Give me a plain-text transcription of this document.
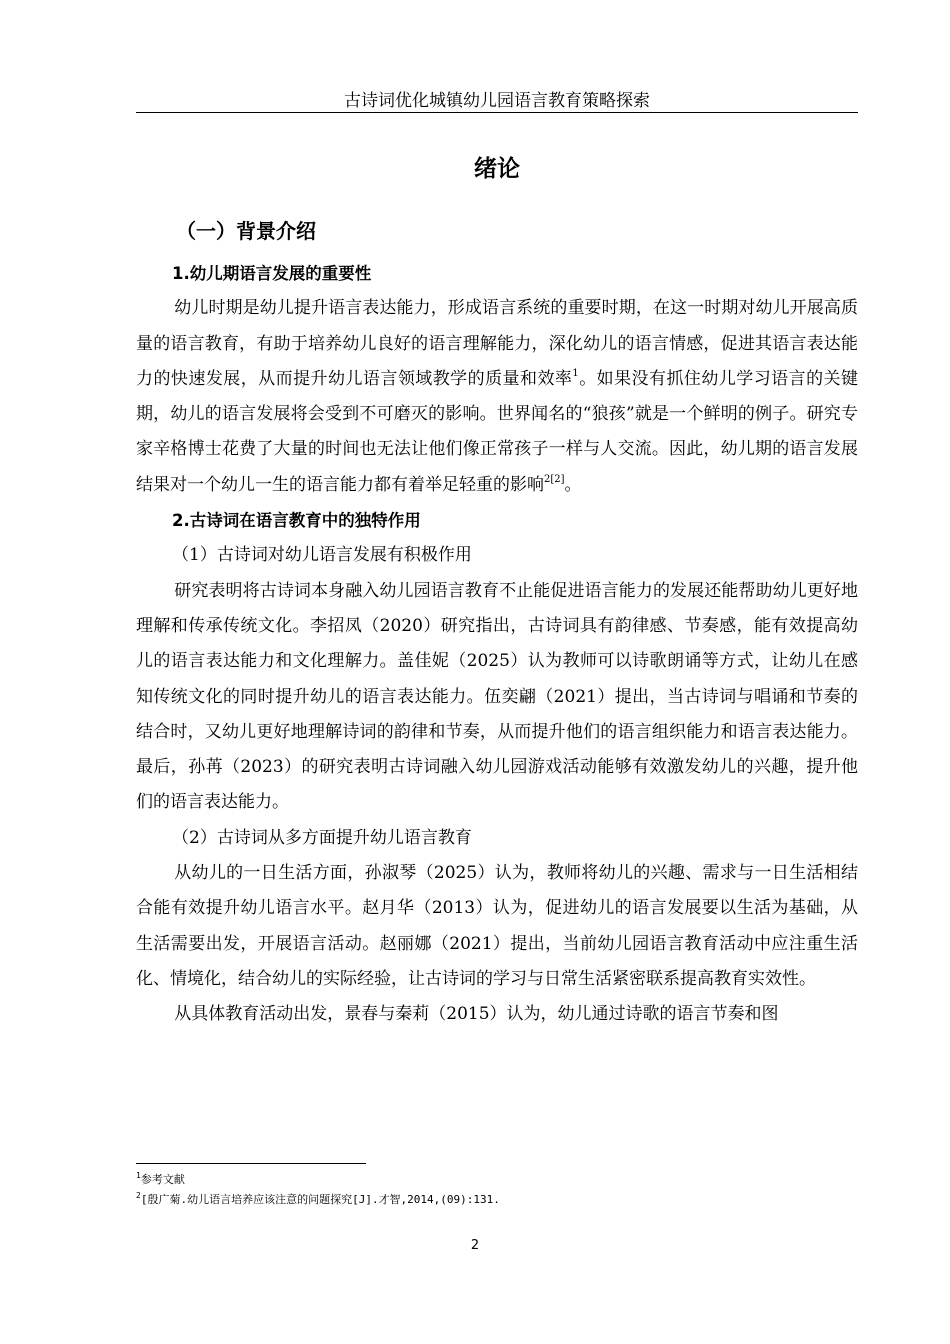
古诗词优化城镇幼儿园语言教育策略探索
绪论
（一）背景介绍

1.幼儿期语言发展的重要性

幼儿时期是幼儿提升语言表达能力，形成语言系统的重要时期，在这一时期对幼儿开展高质量的语言教育，有助于培养幼儿良好的语言理解能力，深化幼儿的语言情感，促进其语言表达能力的快速发展，从而提升幼儿语言领域教学的质量和效率$^1$。如果没有抓住幼儿学习语言的关键期，幼儿的语言发展将会受到不可磨灭的影响。世界闻名的“狼孩”就是一个鲜明的例子。研究专家辛格博士花费了大量的时间也无法让他们像正常孩子一样与人交流。因此，幼儿期的语言发展结果对一个幼儿一生的语言能力都有着举足轻重的影响$^{2[2]}$。

2.古诗词在语言教育中的独特作用

（1）古诗词对幼儿语言发展有积极作用

研究表明将古诗词本身融入幼儿园语言教育不止能促进语言能力的发展还能帮助幼儿更好地理解和传承传统文化。李招凤（2020）研究指出，古诗词具有韵律感、节奏感，能有效提高幼儿的语言表达能力和文化理解力。盖佳妮（2025）认为教师可以诗歌朗诵等方式，让幼儿在感知传统文化的同时提升幼儿的语言表达能力。伍奕翩（2021）提出，当古诗词与唱诵和节奏的结合时，又幼儿更好地理解诗词的韵律和节奏，从而提升他们的语言组织能力和语言表达能力。最后，孙苒（2023）的研究表明古诗词融入幼儿园游戏活动能够有效激发幼儿的兴趣，提升他们的语言表达能力。

（2）古诗词从多方面提升幼儿语言教育

从幼儿的一日生活方面，孙淑琴（2025）认为，教师将幼儿的兴趣、需求与一日生活相结合能有效提升幼儿语言水平。赵月华（2013）认为，促进幼儿的语言发展要以生活为基础，从生活需要出发，开展语言活动。赵丽娜（2021）提出，当前幼儿园语言教育活动中应注重生活化、情境化，结合幼儿的实际经验，让古诗词的学习与日常生活紧密联系提高教育实效性。

从具体教育活动出发，景春与秦莉（2015）认为，幼儿通过诗歌的语言节奏和图

$^1$参考文献
$^2$[殷广菊.幼儿语言培养应该注意的问题探究[J].才智,2014,(09):131.
2
